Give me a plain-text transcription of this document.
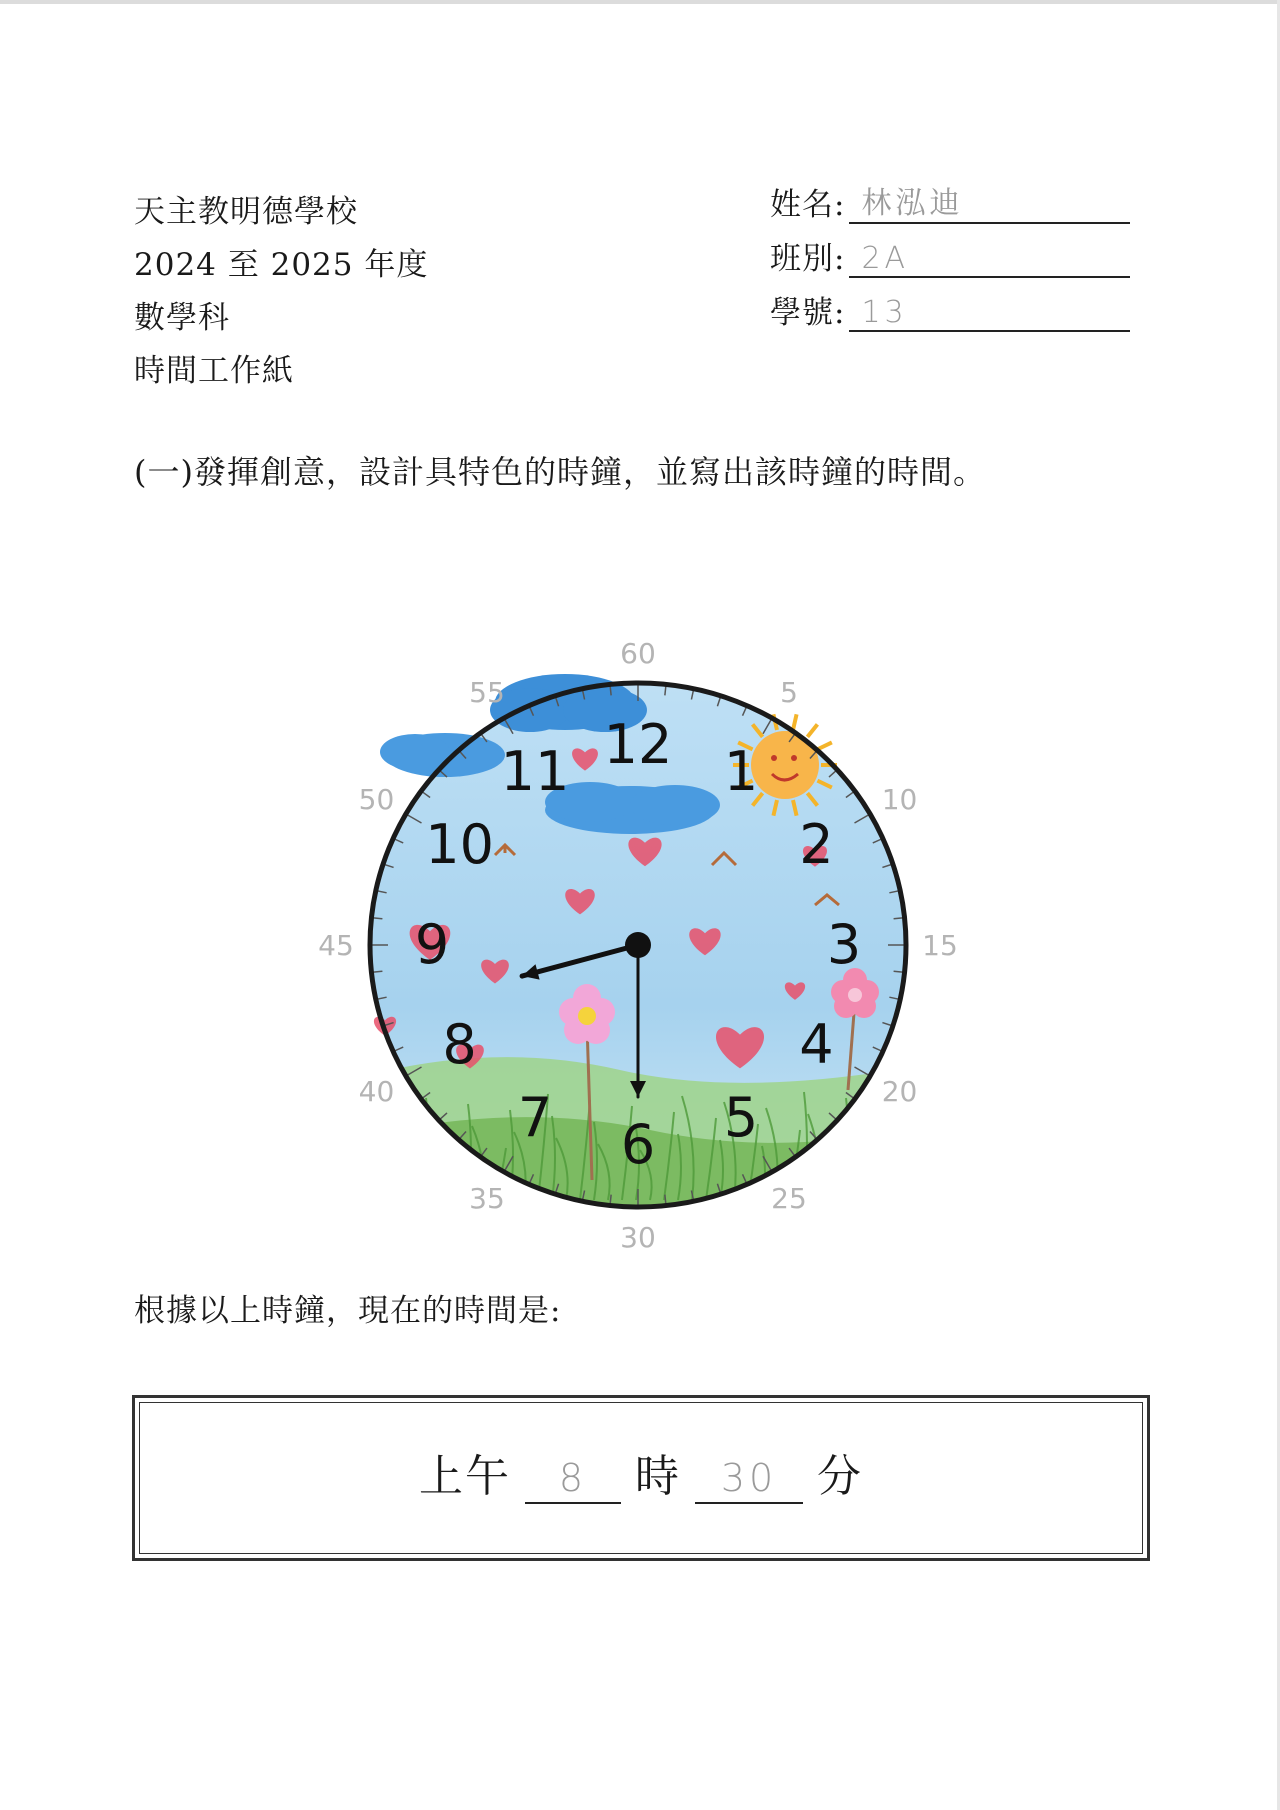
天主教明德學校
2024 至 2025 年度
數學科
時間工作紙
姓名: 林泓迪
班別: 2A
學號: 13
(一)發揮創意，設計具特色的時鐘，並寫出該時鐘的時間。
12 1
2
3
4
5
6
7
8
9
10
11
60
5
10
15
20
25
30
35
40
45
50
55
根據以上時鐘，現在的時間是:
上午	8	時	30 分
